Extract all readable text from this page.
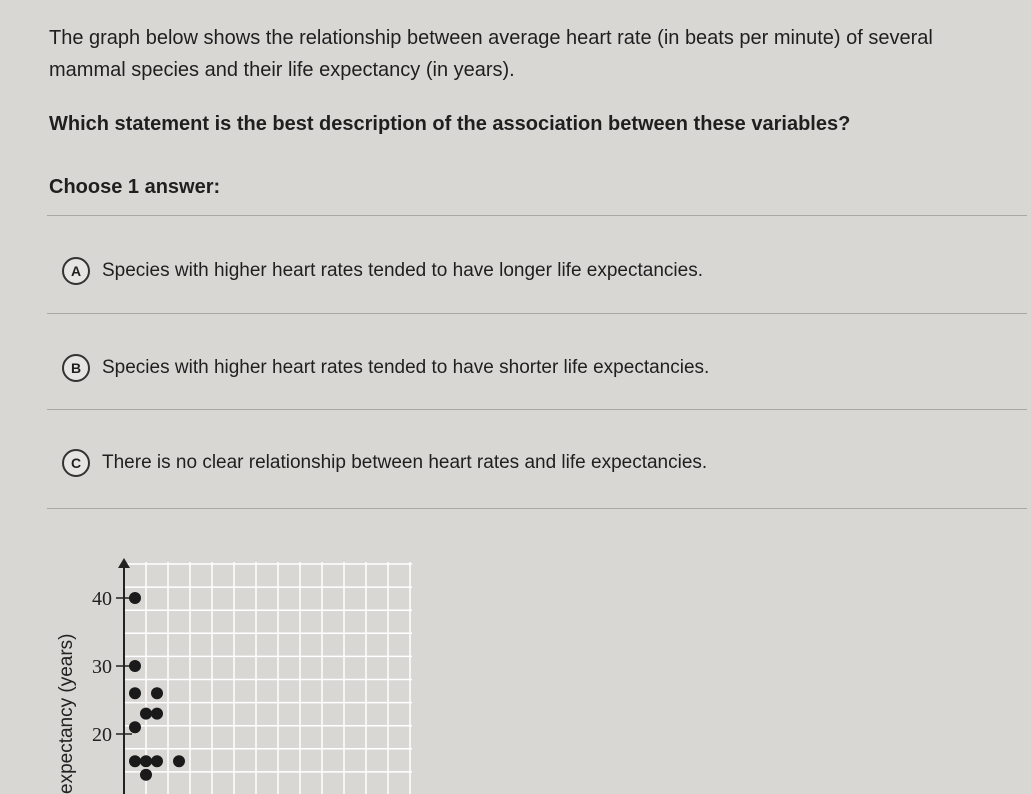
The graph below shows the relationship between average heart rate (in beats per minute) of several mammal species and their life expectancy (in years).
Which statement is the best description of the association between these variables?
Choose 1 answer:
A	Species with higher heart rates tended to have longer life expectancies.
B	Species with higher heart rates tended to have shorter life expectancies.
C	There is no clear relationship between heart rates and life expectancies.
expectancy (years)
40
30
20
